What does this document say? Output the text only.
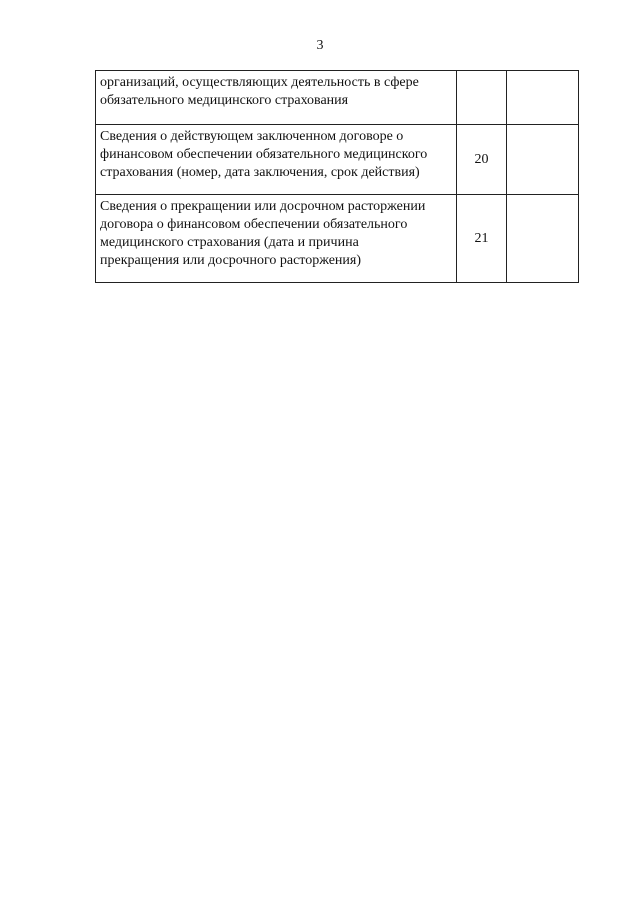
3
организаций, осуществляющих деятельность в сфере
обязательного медицинского страхования		

Сведения о действующем заключенном договоре о
финансовом обеспечении обязательного медицинского
страхования (номер, дата заключения, срок действия)	20	

Сведения о прекращении или досрочном расторжении
договора о финансовом обеспечении обязательного
медицинского страхования (дата и причина
прекращения или досрочного расторжения)	21	
